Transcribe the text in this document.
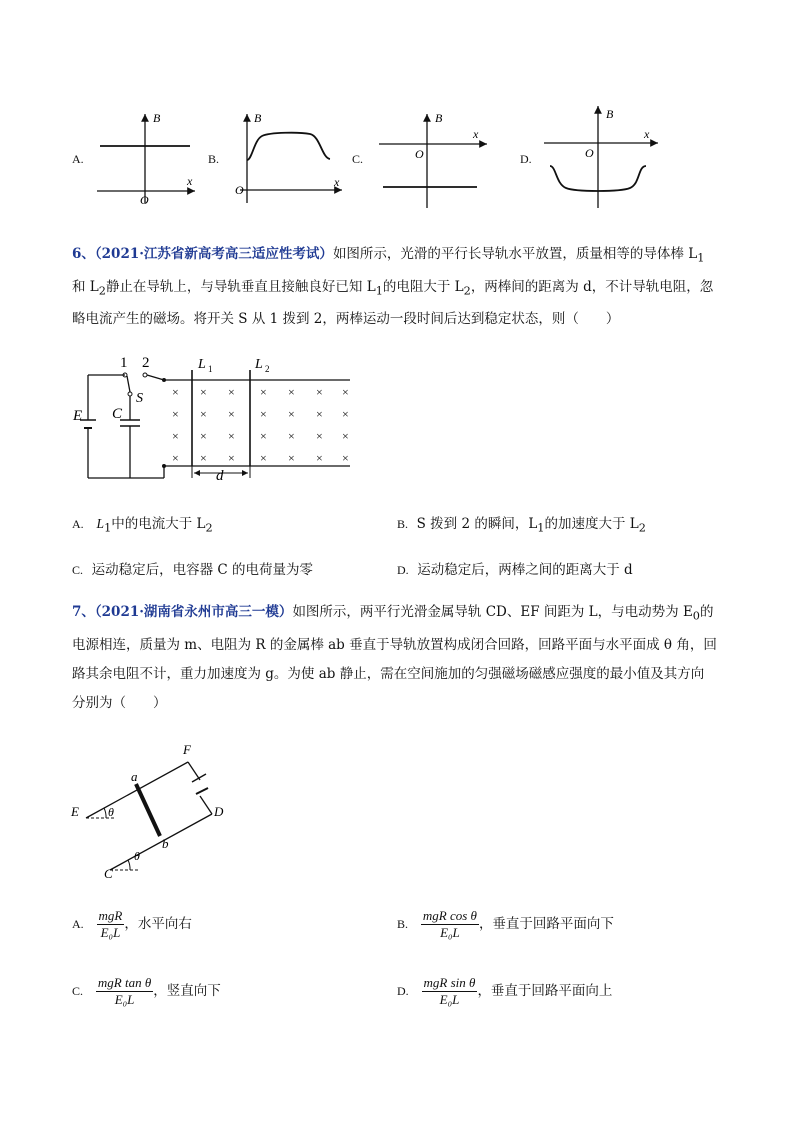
A.
B
x
O
B.
B
x
O
C.
B
x
O	D.
B
x
O
6、（2021·江苏省新高考高三适应性考试）如图所示，光滑的平行长导轨水平放置，质量相等的导体棒 $L_1$
和 $L_2$静止在导轨上，与导轨垂直且接触良好已知 $L_1$的电阻大于 $L_2$，两棒间的距离为 d，不计导轨电阻，忽
略电流产生的磁场。将开关 S 从 1 拨到 2，两棒运动一段时间后达到稳定状态，则（　　）
1 2
S
E C
L 1	L 2
d
× × × × × × ×
× × × × × × ×
× × × × × × ×
× × × × × × ×
A. $L_1$中的电流大于 $L_2$	B. S 拨到 2 的瞬间，$L_1$的加速度大于 $L_2$
C. 运动稳定后，电容器 C 的电荷量为零	D. 运动稳定后，两棒之间的距离大于 d
7、（2021·湖南省永州市高三一模）如图所示，两平行光滑金属导轨 CD、EF 间距为 L，与电动势为 $E_0$的
电源相连，质量为 m、电阻为 R 的金属棒 ab 垂直于导轨放置构成闭合回路，回路平面与水平面成 θ 角，回
路其余电阻不计，重力加速度为 g。为使 ab 静止，需在空间施加的匀强磁场磁感应强度的最小值及其方向
分别为（　　）
F
a
b
E	D
C
θ
θ
A. $\frac{\text{mgR}}{\text{E₀L}}$ ，水平向右	B. $\frac{\text{mgR cos θ}}{\text{E₀L}}$ ，垂直于回路平面向下
C. $\frac{\text{mgR tan θ}}{\text{E₀L}}$ ，竖直向下	D. $\frac{\text{mgR sin θ}}{\text{E₀L}}$ ，垂直于回路平面向上
